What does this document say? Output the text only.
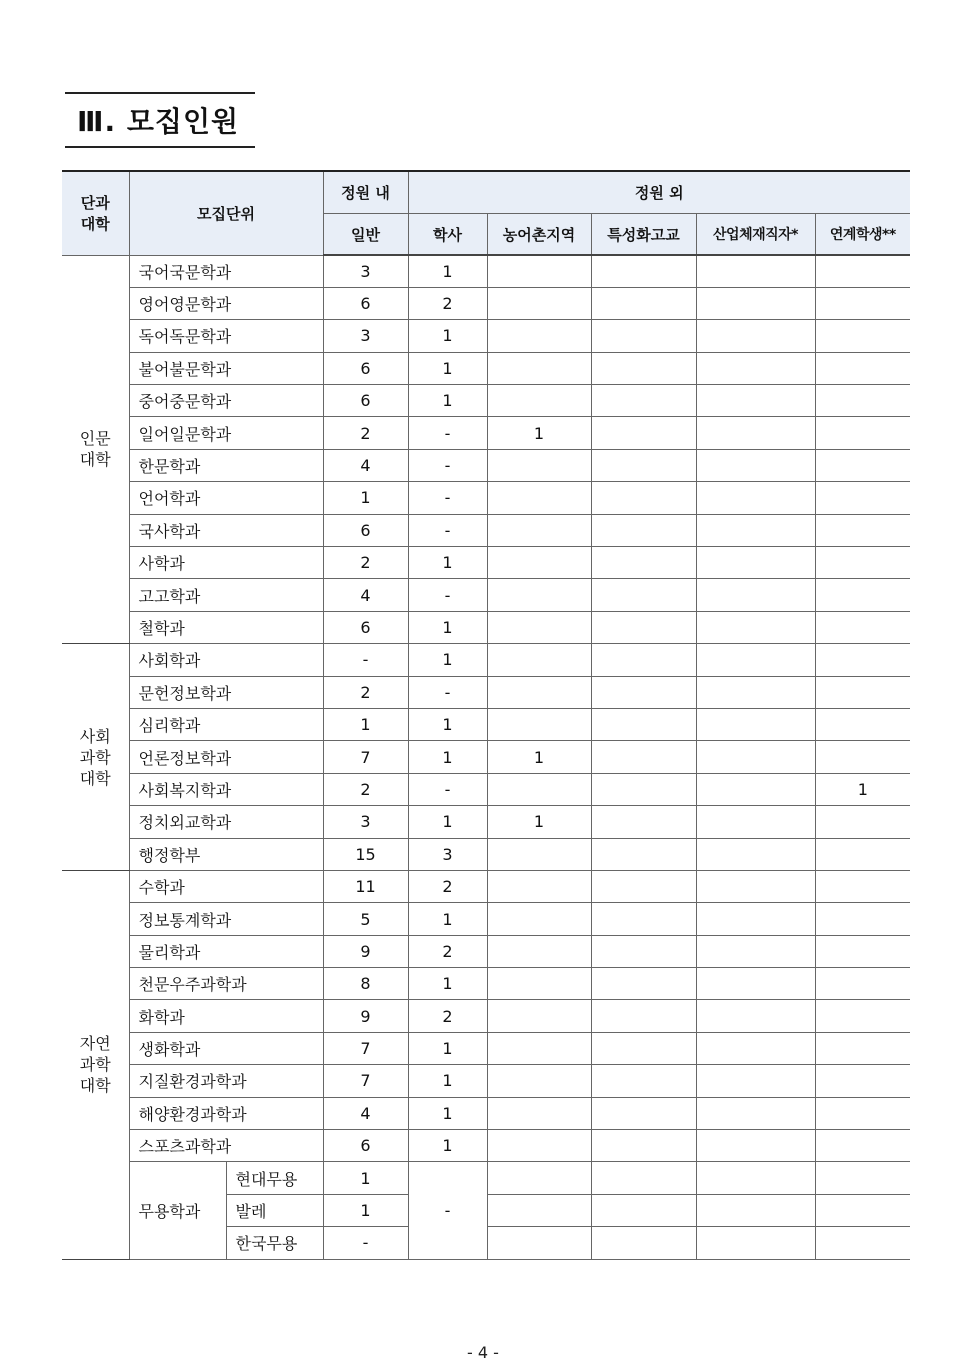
Ⅲ. 모집인원
단과
대학	모집단위		정원 내	정원 외				
			일반	학사	농어촌지역	특성화고교	산업체재직자*	연계학생**
인문
대학	국어국문학과		3	1				
	영어영문학과		6	2				
	독어독문학과		3	1				
	불어불문학과		6	1				
	중어중문학과		6	1				
	일어일문학과		2	-	1			
	한문학과		4	-				
	언어학과		1	-				
	국사학과		6	-				
	사학과		2	1				
	고고학과		4	-				
	철학과		6	1				
사회
과학
대학	사회학과		-	1				
	문헌정보학과		2	-				
	심리학과		1	1				
	언론정보학과		7	1	1			
	사회복지학과		2	-				1
	정치외교학과		3	1	1			
	행정학부		15	3				
자연
과학
대학	수학과		11	2				
	정보통계학과		5	1				
	물리학과		9	2				
	천문우주과학과		8	1				
	화학과		9	2				
	생화학과		7	1				
	지질환경과학과		7	1				
	해양환경과학과		4	1				
	스포츠과학과		6	1				
	무용학과	현대무용	1	-				
		발레	1					
		한국무용	-					
- 4 -
